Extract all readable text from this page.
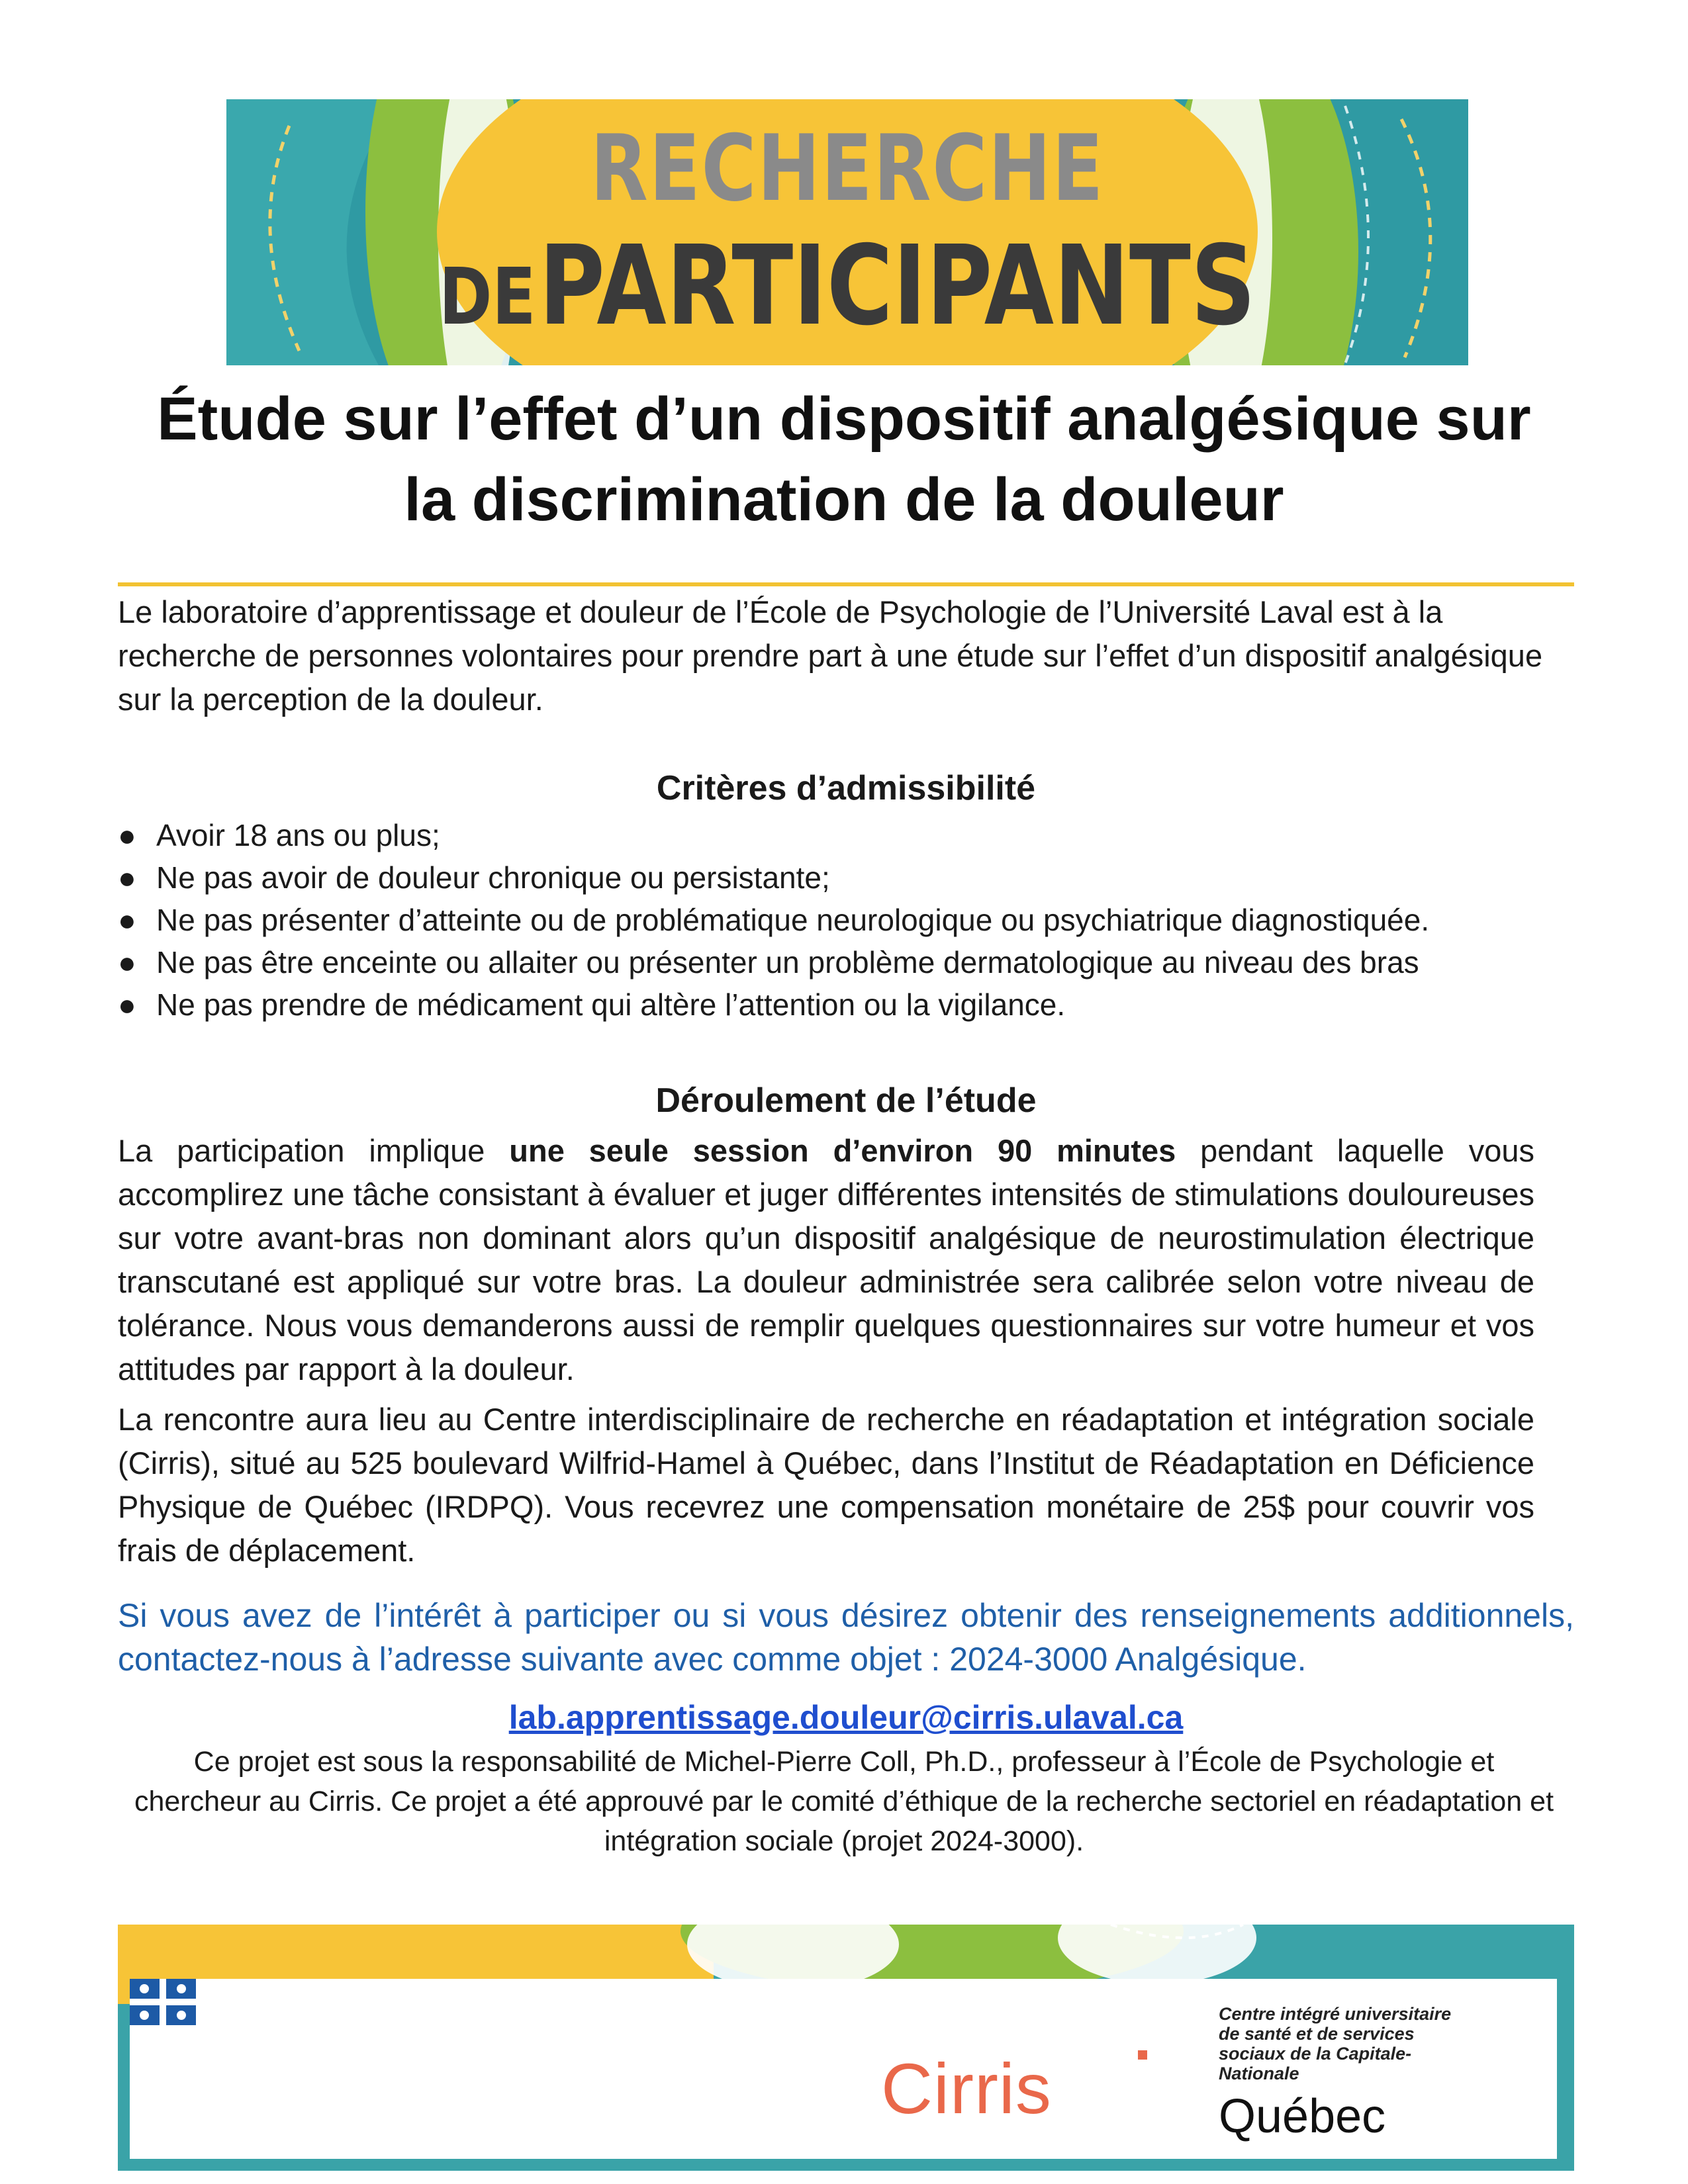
RECHERCHE
DE PARTICIPANTS
Étude sur l’effet d’un dispositif analgésique sur
la discrimination de la douleur
Le laboratoire d’apprentissage et douleur de l’École de Psychologie de l’Université Laval est à la recherche de personnes volontaires pour prendre part à une étude sur l’effet d’un dispositif analgésique sur la perception de la douleur.
Critères d’admissibilité
● Avoir 18 ans ou plus;
● Ne pas avoir de douleur chronique ou persistante;
● Ne pas présenter d’atteinte ou de problématique neurologique ou psychiatrique diagnostiquée.
● Ne pas être enceinte ou allaiter ou présenter un problème dermatologique au niveau des bras
● Ne pas prendre de médicament qui altère l’attention ou la vigilance.
Déroulement de l’étude
La participation implique une seule session d’environ 90 minutes pendant laquelle vous accomplirez une tâche consistant à évaluer et juger différentes intensités de stimulations douloureuses sur votre avant-bras non dominant alors qu’un dispositif analgésique de neurostimulation électrique transcutané est appliqué sur votre bras. La douleur administrée sera calibrée selon votre niveau de tolérance. Nous vous demanderons aussi de remplir quelques questionnaires sur votre humeur et vos attitudes par rapport à la douleur.
La rencontre aura lieu au Centre interdisciplinaire de recherche en réadaptation et intégration sociale (Cirris), situé au 525 boulevard Wilfrid-Hamel à Québec, dans l’Institut de Réadaptation en Déficience Physique de Québec (IRDPQ). Vous recevrez une compensation monétaire de 25$ pour couvrir vos frais de déplacement.
Si vous avez de l’intérêt à participer ou si vous désirez obtenir des renseignements additionnels, contactez-nous à l’adresse suivante avec comme objet : 2024-3000 Analgésique.
lab.apprentissage.douleur@cirris.ulaval.ca
Ce projet est sous la responsabilité de Michel-Pierre Coll, Ph.D., professeur à l’École de Psychologie et chercheur au Cirris. Ce projet a été approuvé par le comité d’éthique de la recherche sectoriel en réadaptation et intégration sociale (projet 2024-3000).
Cirris
Centre intégré universitaire de santé et de services sociaux de la Capitale-Nationale
Québec
